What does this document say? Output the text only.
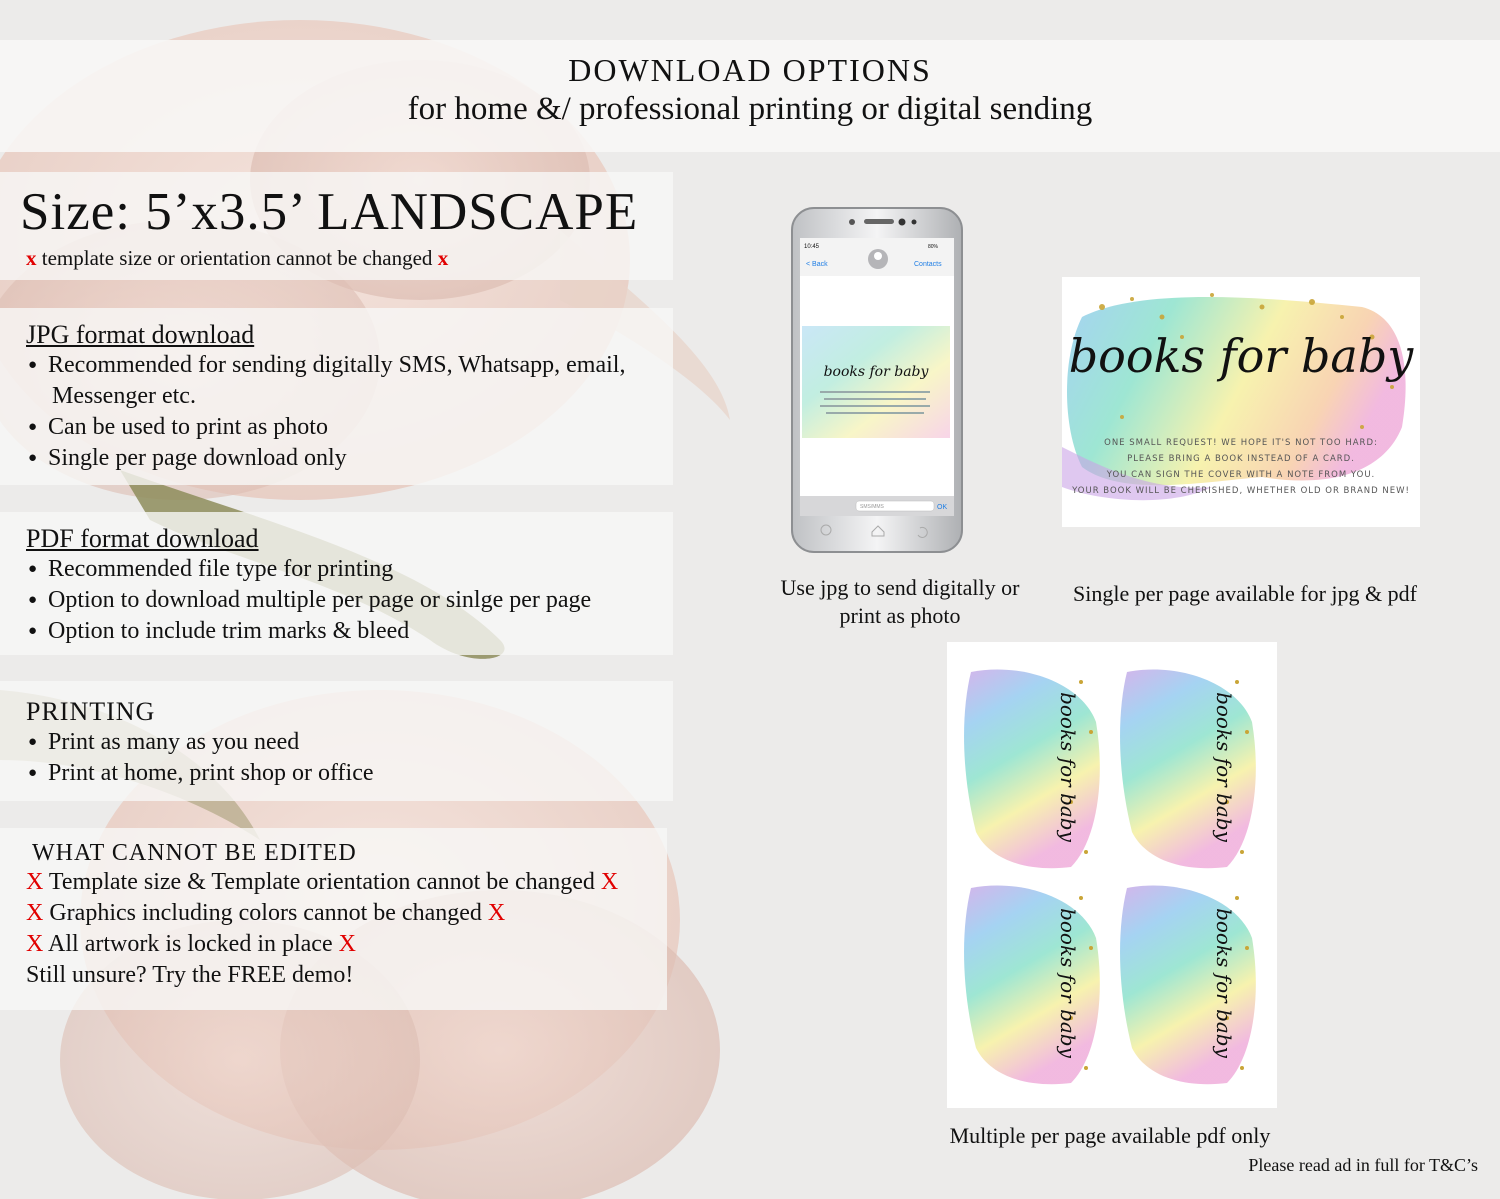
DOWNLOAD OPTIONS
for home &/ professional printing or digital sending
Size: 5’x3.5’ LANDSCAPE
x template size or orientation cannot be changed x
JPG format download
● Recommended for sending digitally SMS, Whatsapp, email,
Messenger etc.
● Can be used to print as photo
● Single per page download only
PDF format download
● Recommended file type for printing
● Option to download multiple per page or sinlge per page
● Option to include trim marks & bleed
PRINTING
● Print as many as you need
● Print at home, print shop or office
WHAT CANNOT BE EDITED
X Template size & Template orientation cannot be changed X
X Graphics including colors cannot be changed X
X All artwork is locked in place X
Still unsure? Try the FREE demo!
10:45	80%
< Back	Contacts
books for baby
SMS/MMS	OK
Use jpg to send digitally or print as photo
books for baby
ONE SMALL REQUEST! WE HOPE IT'S NOT TOO HARD:
PLEASE BRING A BOOK INSTEAD OF A CARD.
YOU CAN SIGN THE COVER WITH A NOTE FROM YOU.
YOUR BOOK WILL BE CHERISHED, WHETHER OLD OR BRAND NEW!
Single per page available for jpg & pdf
books for baby	books for baby
books for baby	books for baby
Multiple per page available pdf only
Please read ad in full for T&C’s
